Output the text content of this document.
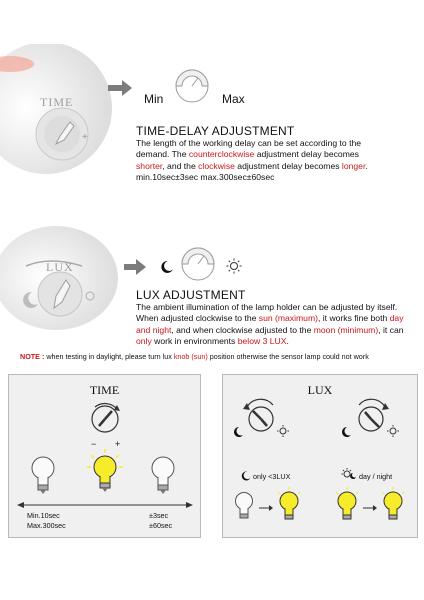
+
TIME	Min	Max
TIME-DELAY ADJUSTMENT
The length of the working delay can be set according to the demand. The counterclockwise adjustment delay becomes shorter, and the clockwise adjustment delay becomes longer.
min.10sec±3sec max.300sec±60sec
LUX
LUX ADJUSTMENT
The ambient illumination of the lamp holder can be adjusted by itself. When adjusted clockwise to the sun (maximum), it works fine both day and night, and when clockwise adjusted to the moon (minimum), it can only work in environments below 3 LUX.
NOTE : when testing in daylight, please turn lux knob (sun) position otherwise the sensor lamp could not work
TIME
− +
Min.10sec
Max.300sec
±3sec
±60sec
LUX
only <3LUX	day / night
